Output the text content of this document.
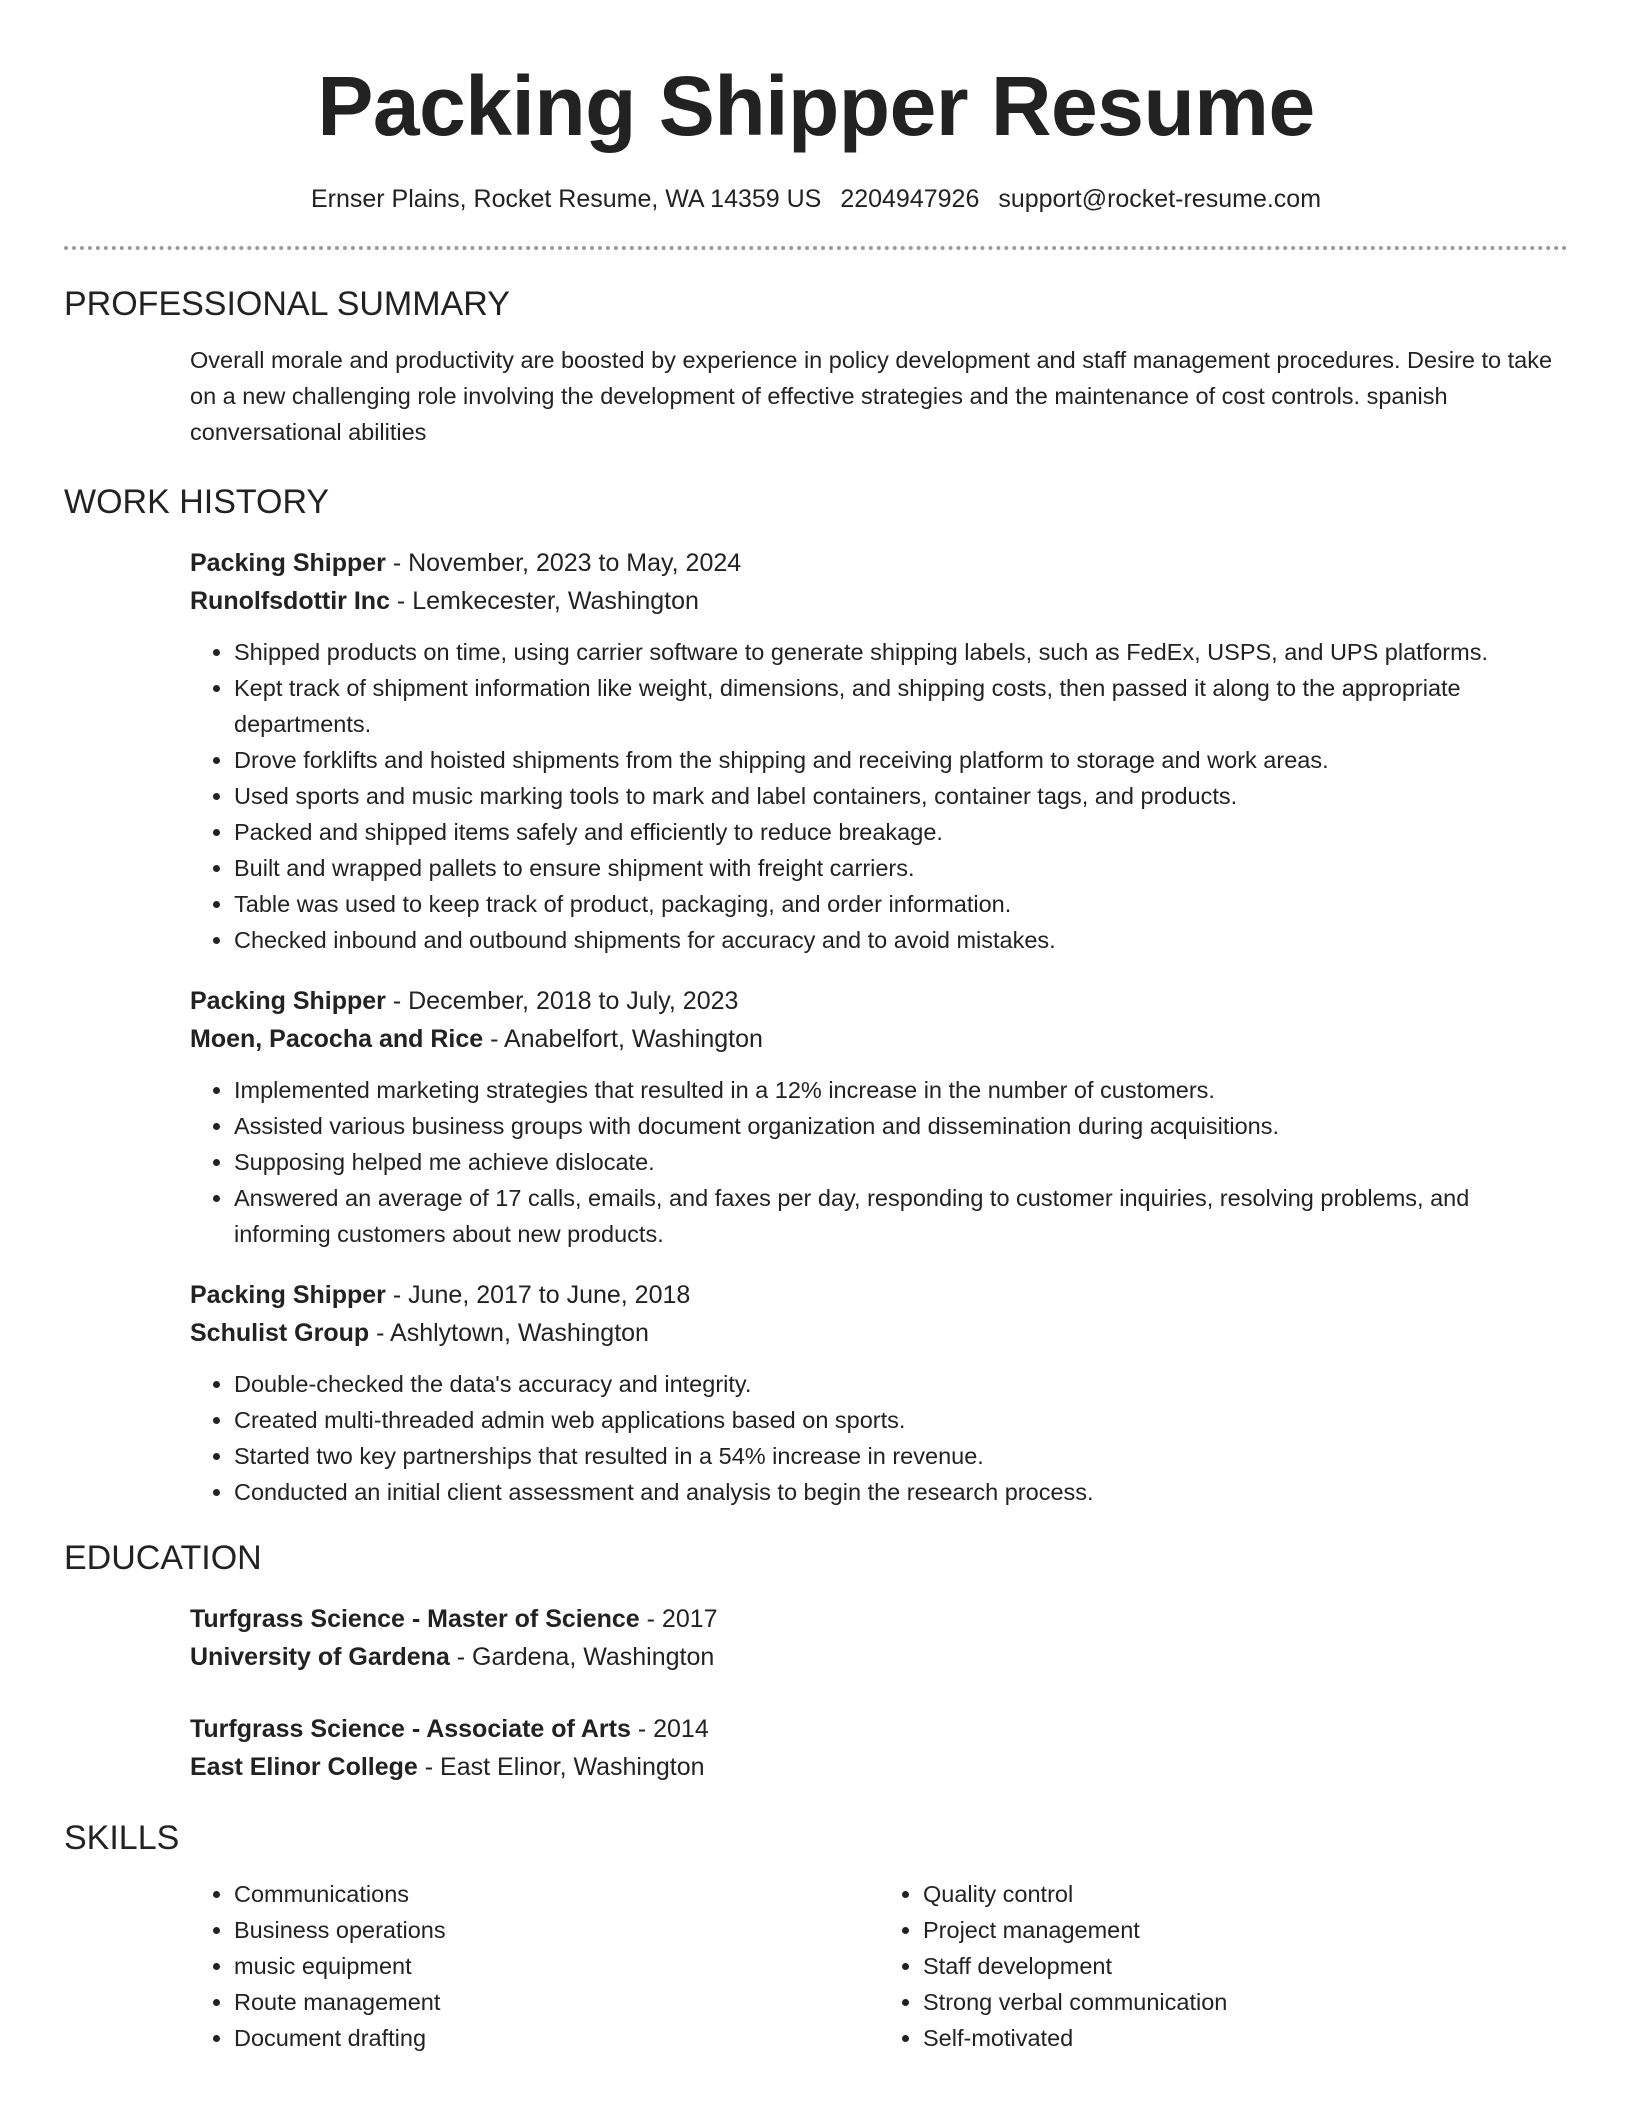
Packing Shipper Resume
Ernser Plains, Rocket Resume, WA 14359 US 2204947926 support@rocket-resume.com
PROFESSIONAL SUMMARY

Overall morale and productivity are boosted by experience in policy development and staff management procedures. Desire to take on a new challenging role involving the development of effective strategies and the maintenance of cost controls. spanish conversational abilities

WORK HISTORY

Packing Shipper - November, 2023 to May, 2024

Runolfsdottir Inc - Lemkecester, Washington

• Shipped products on time, using carrier software to generate shipping labels, such as FedEx, USPS, and UPS platforms.
• Kept track of shipment information like weight, dimensions, and shipping costs, then passed it along to the appropriate departments.
• Drove forklifts and hoisted shipments from the shipping and receiving platform to storage and work areas.
• Used sports and music marking tools to mark and label containers, container tags, and products.
• Packed and shipped items safely and efficiently to reduce breakage.
• Built and wrapped pallets to ensure shipment with freight carriers.
• Table was used to keep track of product, packaging, and order information.
• Checked inbound and outbound shipments for accuracy and to avoid mistakes.

Packing Shipper - December, 2018 to July, 2023

Moen, Pacocha and Rice - Anabelfort, Washington

• Implemented marketing strategies that resulted in a 12% increase in the number of customers.
• Assisted various business groups with document organization and dissemination during acquisitions.
• Supposing helped me achieve dislocate.
• Answered an average of 17 calls, emails, and faxes per day, responding to customer inquiries, resolving problems, and informing customers about new products.

Packing Shipper - June, 2017 to June, 2018

Schulist Group - Ashlytown, Washington

• Double-checked the data's accuracy and integrity.
• Created multi-threaded admin web applications based on sports.
• Started two key partnerships that resulted in a 54% increase in revenue.
• Conducted an initial client assessment and analysis to begin the research process.
EDUCATION

Turfgrass Science - Master of Science - 2017

University of Gardena - Gardena, Washington

Turfgrass Science - Associate of Arts - 2014

East Elinor College - East Elinor, Washington

SKILLS
• Communications
• Business operations
• music equipment
• Route management
• Document drafting
• Quality control
• Project management
• Staff development
• Strong verbal communication
• Self-motivated
